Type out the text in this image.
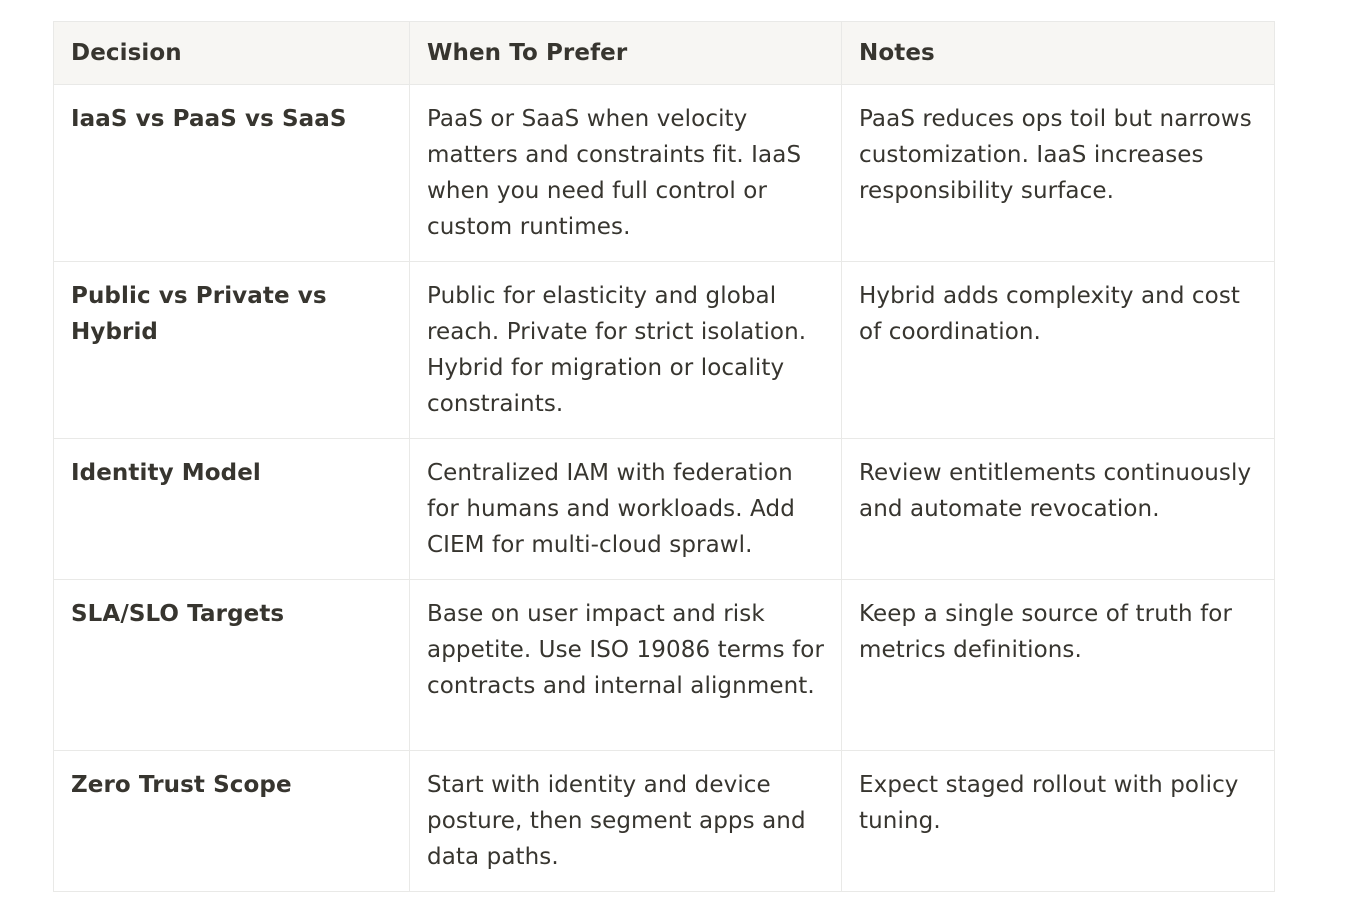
Decision	When To Prefer	Notes
IaaS vs PaaS vs SaaS	PaaS or SaaS when velocity matters and constraints fit. IaaS when you need full control or custom runtimes.	PaaS reduces ops toil but narrows customization. IaaS increases responsibility surface.
Public vs Private vs Hybrid	Public for elasticity and global reach. Private for strict isolation. Hybrid for migration or locality constraints.	Hybrid adds complexity and cost of coordination.
Identity Model	Centralized IAM with federation for humans and workloads. Add CIEM for multi-cloud sprawl.	Review entitlements continuously and automate revocation.
SLA/SLO Targets	Base on user impact and risk appetite. Use ISO 19086 terms for contracts and internal alignment.	Keep a single source of truth for metrics definitions.
Zero Trust Scope	Start with identity and device posture, then segment apps and data paths.	Expect staged rollout with policy tuning.
